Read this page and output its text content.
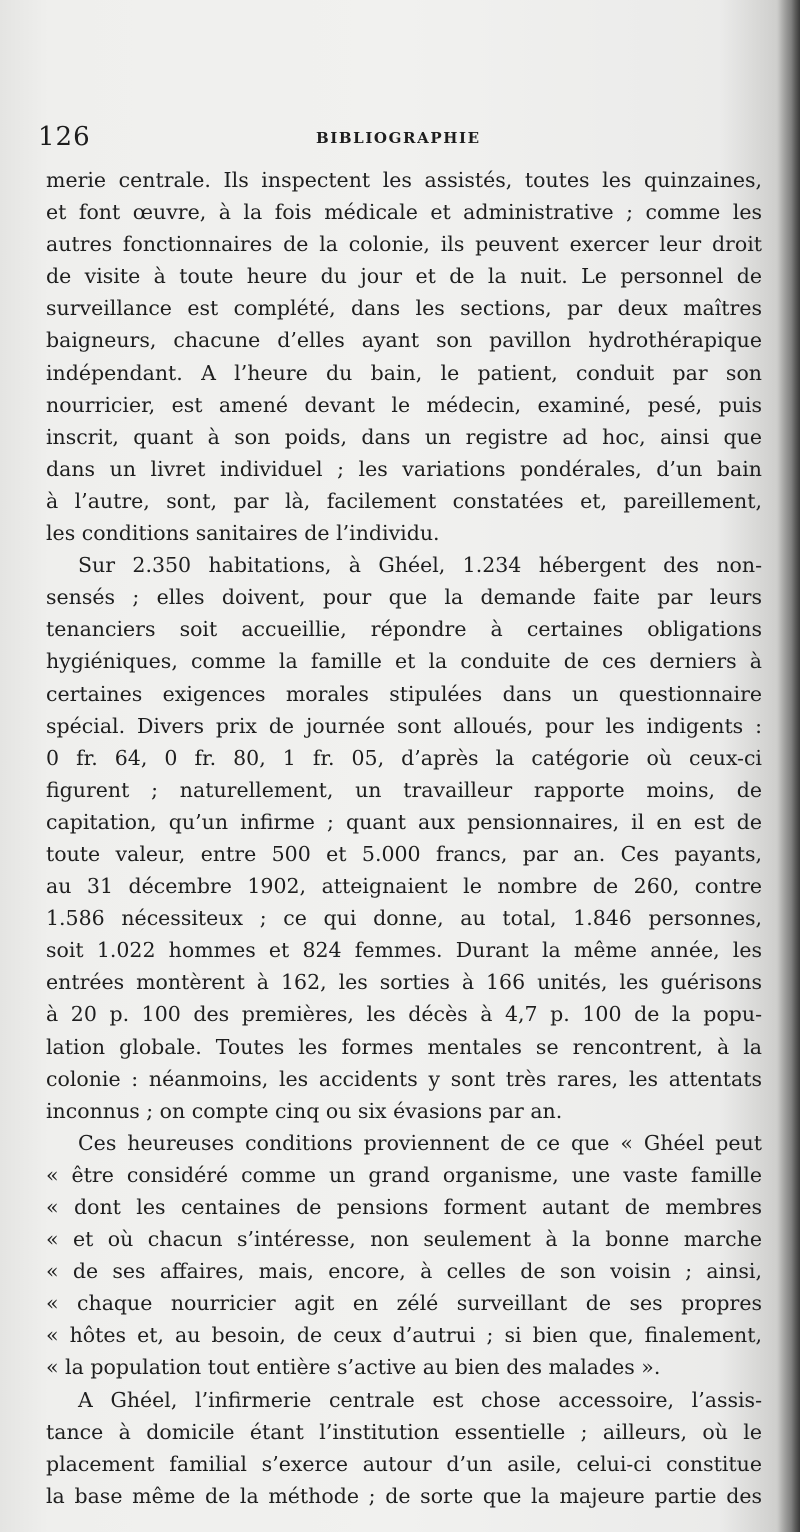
126	BIBLIOGRAPHIE
merie centrale. Ils inspectent les assistés, toutes les quinzaines,
et font œuvre, à la fois médicale et administrative ; comme les
autres fonctionnaires de la colonie, ils peuvent exercer leur droit
de visite à toute heure du jour et de la nuit. Le personnel de
surveillance est complété, dans les sections, par deux maîtres
baigneurs, chacune d’elles ayant son pavillon hydrothérapique
indépendant. A l’heure du bain, le patient, conduit par son
nourricier, est amené devant le médecin, examiné, pesé, puis
inscrit, quant à son poids, dans un registre ad hoc, ainsi que
dans un livret individuel ; les variations pondérales, d’un bain
à l’autre, sont, par là, facilement constatées et, pareillement,
les conditions sanitaires de l’individu.
Sur 2.350 habitations, à Ghéel, 1.234 hébergent des non-
sensés ; elles doivent, pour que la demande faite par leurs
tenanciers soit accueillie, répondre à certaines obligations
hygiéniques, comme la famille et la conduite de ces derniers à
certaines exigences morales stipulées dans un questionnaire
spécial. Divers prix de journée sont alloués, pour les indigents :
0 fr. 64, 0 fr. 80, 1 fr. 05, d’après la catégorie où ceux-ci
figurent ; naturellement, un travailleur rapporte moins, de
capitation, qu’un infirme ; quant aux pensionnaires, il en est de
toute valeur, entre 500 et 5.000 francs, par an. Ces payants,
au 31 décembre 1902, atteignaient le nombre de 260, contre
1.586 nécessiteux ; ce qui donne, au total, 1.846 personnes,
soit 1.022 hommes et 824 femmes. Durant la même année, les
entrées montèrent à 162, les sorties à 166 unités, les guérisons
à 20 p. 100 des premières, les décès à 4,7 p. 100 de la popu-
lation globale. Toutes les formes mentales se rencontrent, à la
colonie : néanmoins, les accidents y sont très rares, les attentats
inconnus ; on compte cinq ou six évasions par an.
Ces heureuses conditions proviennent de ce que « Ghéel peut
« être considéré comme un grand organisme, une vaste famille
« dont les centaines de pensions forment autant de membres
« et où chacun s’intéresse, non seulement à la bonne marche
« de ses affaires, mais, encore, à celles de son voisin ; ainsi,
« chaque nourricier agit en zélé surveillant de ses propres
« hôtes et, au besoin, de ceux d’autrui ; si bien que, finalement,
« la population tout entière s’active au bien des malades ».
A Ghéel, l’infirmerie centrale est chose accessoire, l’assis-
tance à domicile étant l’institution essentielle ; ailleurs, où le
placement familial s’exerce autour d’un asile, celui-ci constitue
la base même de la méthode ; de sorte que la majeure partie des
